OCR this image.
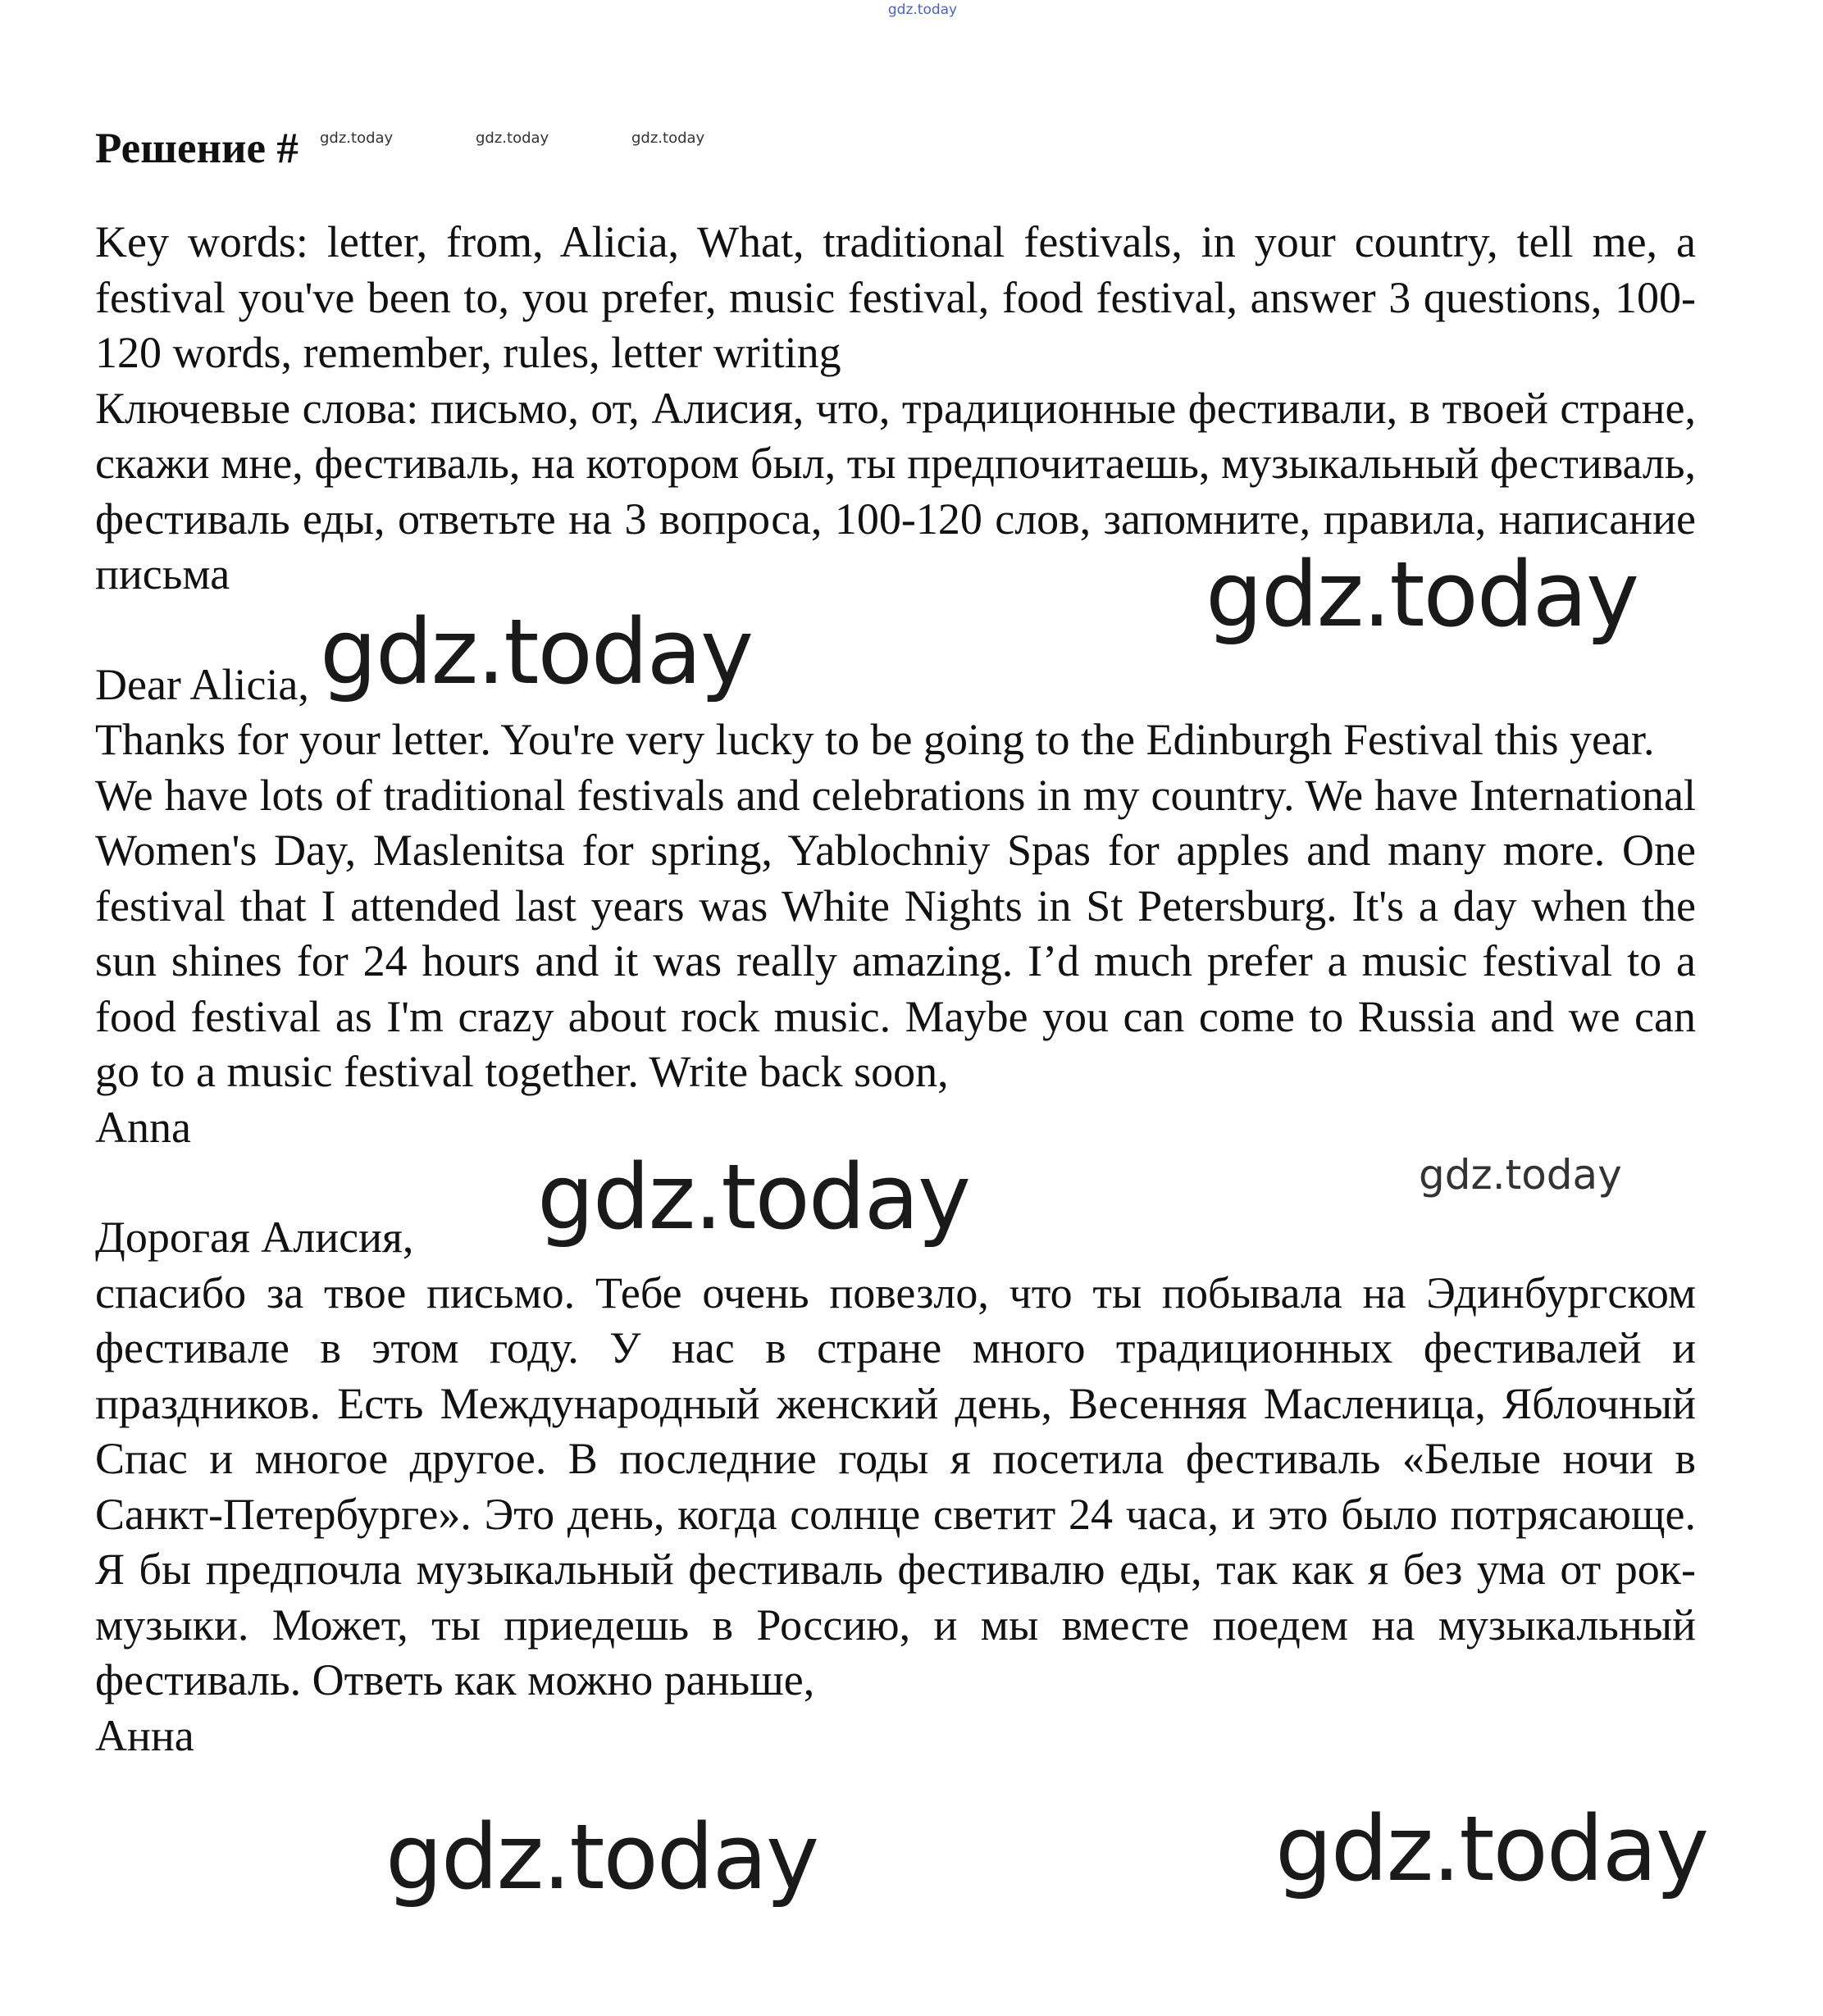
gdz.today
Решение # gdz.today	gdz.today	gdz.today

Key words: letter, from, Alicia, What, traditional festivals, in your country, tell me, a festival you've been to, you prefer, music festival, food festival, answer 3 questions, 100-120 words, remember, rules, letter writing

Ключевые слова: письмо, от, Алисия, что, традиционные фестивали, в твоей стране, скажи мне, фестиваль, на котором был, ты предпочитаешь, музыкальный фестиваль, фестиваль еды, ответьте на 3 вопроса, 100-120 слов, запомните, правила, написание письма

Dear Alicia,

Thanks for your letter. You're very lucky to be going to the Edinburgh Festival this year.

We have lots of traditional festivals and celebrations in my country. We have International Women's Day, Maslenitsa for spring, Yablochniy Spas for apples and many more. One festival that I attended last years was White Nights in St Petersburg. It's a day when the sun shines for 24 hours and it was really amazing. I’d much prefer a music festival to a food festival as I'm crazy about rock music. Maybe you can come to Russia and we can go to a music festival together. Write back soon,

Anna

Дорогая Алисия,

спасибо за твое письмо. Тебе очень повезло, что ты побывала на Эдинбургском фестивале в этом году. У нас в стране много традиционных фестивалей и праздников. Есть Международный женский день, Весенняя Масленица, Яблочный Спас и многое другое. В последние годы я посетила фестиваль «Белые ночи в Санкт-Петербурге». Это день, когда солнце светит 24 часа, и это было потрясающе. Я бы предпочла музыкальный фестиваль фестивалю еды, так как я без ума от рок-музыки. Может, ты приедешь в Россию, и мы вместе поедем на музыкальный фестиваль. Ответь как можно раньше,

Анна

gdz.today
gdz.today
gdz.today	gdz.today
gdz.today	gdz.today
